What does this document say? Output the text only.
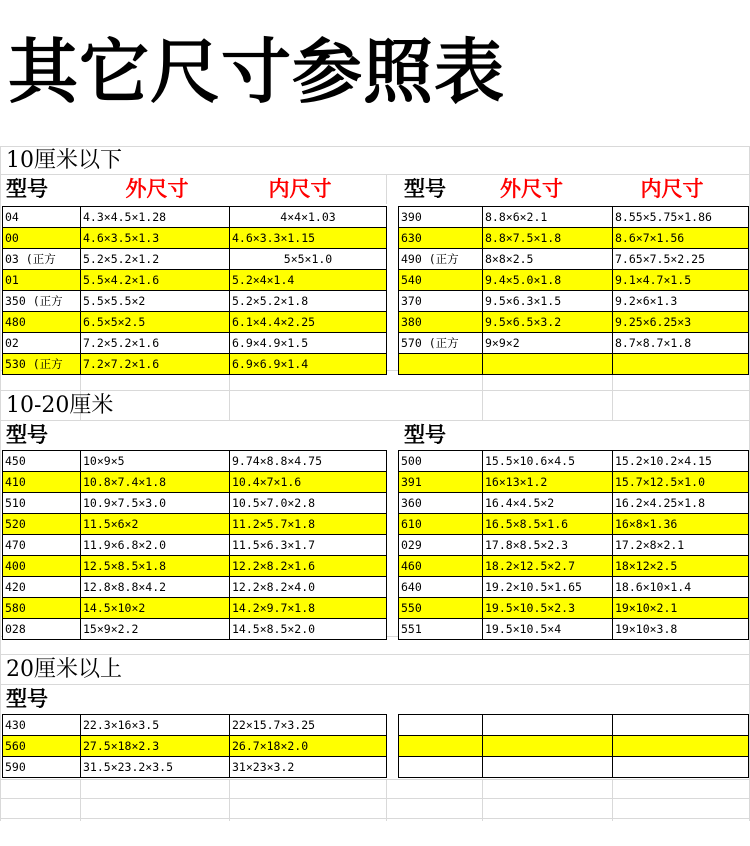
其它尺寸参照表
10厘米以下
型号	外尺寸	内尺寸
04	4.3×4.5×1.28	4×4×1.03
00	4.6×3.5×1.3	4.6×3.3×1.15
03 (正方	5.2×5.2×1.2	5×5×1.0
01	5.5×4.2×1.6	5.2×4×1.4
350 (正方	5.5×5.5×2	5.2×5.2×1.8
480	6.5×5×2.5	6.1×4.4×2.25
02	7.2×5.2×1.6	6.9×4.9×1.5
530 (正方	7.2×7.2×1.6	6.9×6.9×1.4
型号	外尺寸	内尺寸
390	8.8×6×2.1	8.55×5.75×1.86
630	8.8×7.5×1.8	8.6×7×1.56
490 (正方	8×8×2.5	7.65×7.5×2.25
540	9.4×5.0×1.8	9.1×4.7×1.5
370	9.5×6.3×1.5	9.2×6×1.3
380	9.5×6.5×3.2	9.25×6.25×3
570 (正方	9×9×2	8.7×8.7×1.8

10-20厘米
型号
450	10×9×5	9.74×8.8×4.75
410	10.8×7.4×1.8	10.4×7×1.6
510	10.9×7.5×3.0	10.5×7.0×2.8
520	11.5×6×2	11.2×5.7×1.8
470	11.9×6.8×2.0	11.5×6.3×1.7
400	12.5×8.5×1.8	12.2×8.2×1.6
420	12.8×8.8×4.2	12.2×8.2×4.0
580	14.5×10×2	14.2×9.7×1.8
028	15×9×2.2	14.5×8.5×2.0
型号
500	15.5×10.6×4.5	15.2×10.2×4.15
391	16×13×1.2	15.7×12.5×1.0
360	16.4×4.5×2	16.2×4.25×1.8
610	16.5×8.5×1.6	16×8×1.36
029	17.8×8.5×2.3	17.2×8×2.1
460	18.2×12.5×2.7	18×12×2.5
640	19.2×10.5×1.65	18.6×10×1.4
550	19.5×10.5×2.3	19×10×2.1
551	19.5×10.5×4	19×10×3.8
20厘米以上
型号
430	22.3×16×3.5	22×15.7×3.25
560	27.5×18×2.3	26.7×18×2.0
590	31.5×23.2×3.5	31×23×3.2
